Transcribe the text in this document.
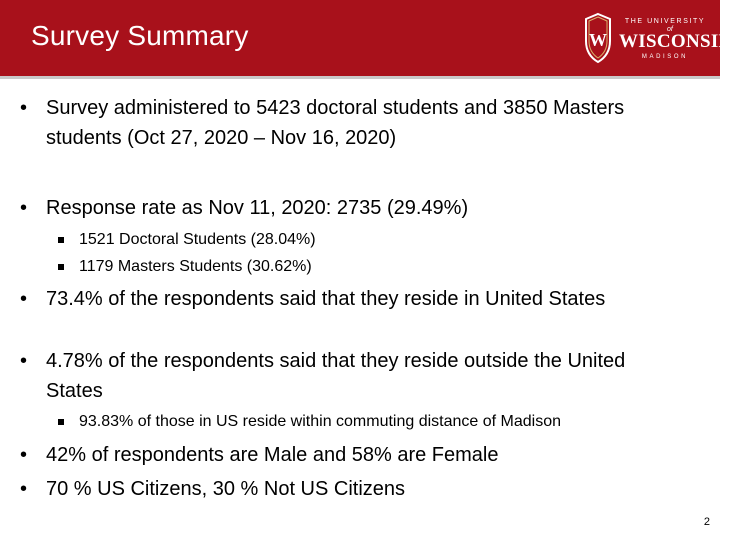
Survey Summary	W
THE UNIVERSITY
of
WISCONSIN
MADISON
• Survey administered to 5423 doctoral students and 3850 Masters students (Oct 27, 2020 – Nov 16, 2020)
• Response rate as Nov 11, 2020: 2735 (29.49%)
1521 Doctoral Students (28.04%)
1179 Masters Students (30.62%)
• 73.4% of the respondents said that they reside in United States
• 4.78% of the respondents said that they reside outside the United States
93.83% of those in US reside within commuting distance of Madison
• 42% of respondents are Male and 58% are Female
• 70 % US Citizens, 30 % Not US Citizens
2
